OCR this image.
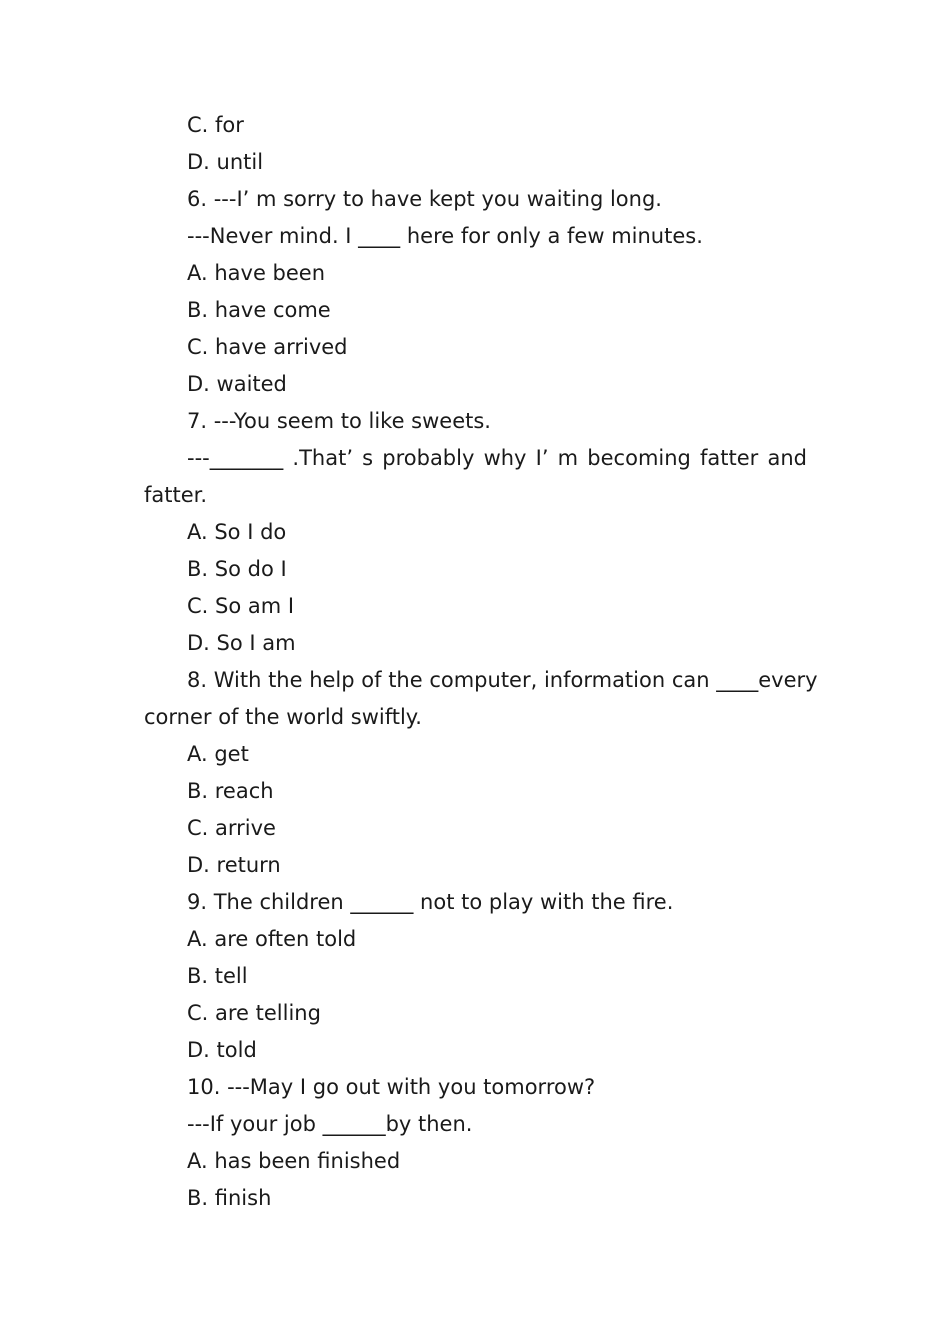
C. for
D. until
6. ---I’ m sorry to have kept you waiting long.
---Never mind. I ____ here for only a few minutes.
A. have been
B. have come
C. have arrived
D. waited
7. ---You seem to like sweets.
---_______ .That’ s probably why I’ m becoming fatter and
fatter.
A. So I do
B. So do I
C. So am I
D. So I am
8. With the help of the computer, information can ____every
corner of the world swiftly.
A. get
B. reach
C. arrive
D. return
9. The children ______ not to play with the fire.
A. are often told
B. tell
C. are telling
D. told
10. ---May I go out with you tomorrow?
---If your job ______by then.
A. has been finished
B. finish
